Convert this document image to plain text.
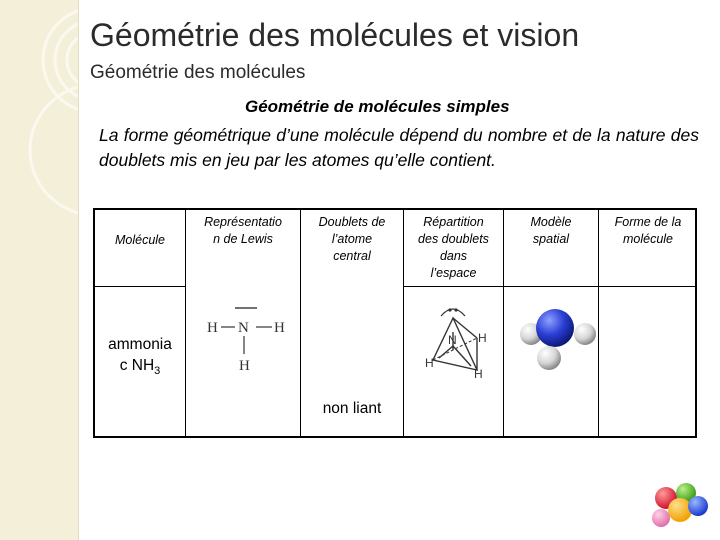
Géométrie des molécules et vision
Géométrie des molécules
Géométrie de molécules simples
La forme géométrique d’une molécule dépend du nombre et de la nature des doublets mis en jeu par les atomes qu’elle contient.
Molécule
Représentatio
n de Lewis
Doublets de
l’atome
central
Répartition
des doublets
dans
l’espace
Modèle
spatial
Forme de la
molécule
ammonia
c $NH_3$
H N H
H
non liant
N H
H
H
